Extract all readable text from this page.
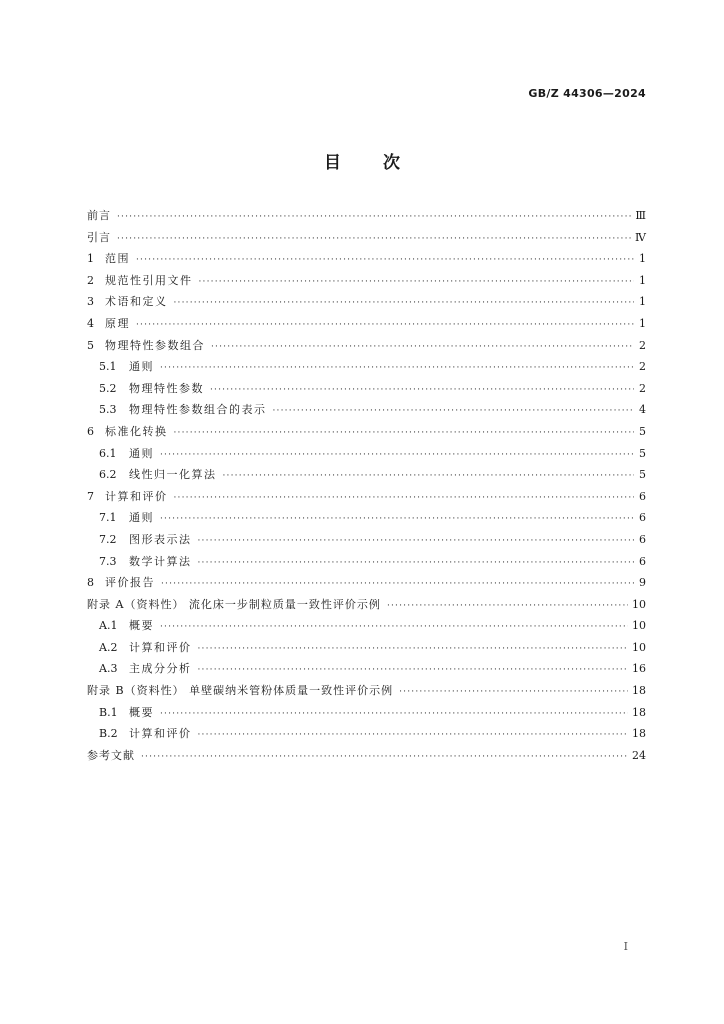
GB/Z 44306—2024
目 次
前言 ·····	Ⅲ
引言 ·····	Ⅳ
1	范围 ·····	1
2	规范性引用文件 ·····	1
3	术语和定义 ·····	1
4	原理 ·····	1
5	物理特性参数组合 ·····	2
5.1	通则 ·····	2
5.2	物理特性参数 ·····	2
5.3	物理特性参数组合的表示 ·····	4
6	标准化转换 ·····	5
6.1	通则 ·····	5
6.2	线性归一化算法 ·····	5
7	计算和评价 ·····	6
7.1	通则 ·····	6
7.2	图形表示法 ·····	6
7.3	数学计算法 ·····	6
8	评价报告 ·····	9
附录 A（资料性） 流化床一步制粒质量一致性评价示例 ·····	10
A.1	概要 ·····	10
A.2	计算和评价 ·····	10
A.3	主成分分析 ·····	16
附录 B（资料性） 单壁碳纳米管粉体质量一致性评价示例 ·····	18
B.1	概要 ·····	18
B.2	计算和评价 ·····	18
参考文献 ·····	24
I
